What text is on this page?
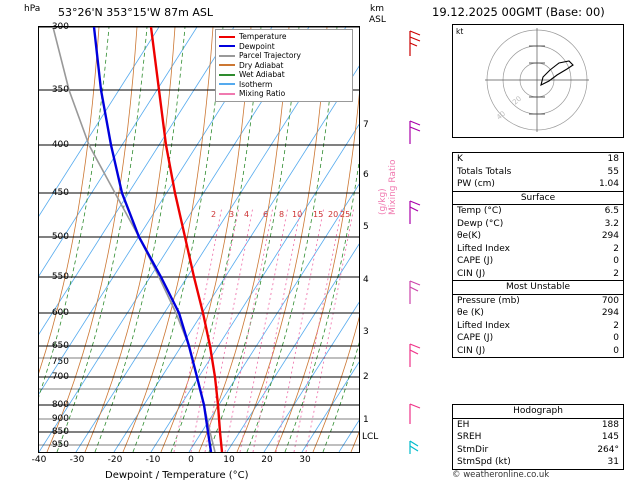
hPa 53°26'N 353°15'W 87m ASL	km
ASL
2 3 4 6 8 10 15 20 25
Temperature
Dewpoint
Parcel Trajectory
Dry Adiabat
Wet Adiabat
Isotherm
Mixing Ratio
300
350
400
450
500
550
600
650
700
800
850
950
750
900
-40	-30	-20	-10	0	10	20	30
Dewpoint / Temperature (°C)
7
6
5
4
3
2
1
LCL
Mixing Ratio
(g/kg)
19.12.2025 00GMT (Base: 00)
kt
20
40
K	18
Totals Totals	55
PW (cm)	1.04
Surface
Temp (°C)	6.5
Dewp (°C)	3.2
θe(K)	294
Lifted Index	2
CAPE (J)	0
CIN (J)	2
Most Unstable
Pressure (mb)	700
θe (K)	294
Lifted Index	2
CAPE (J)	0
CIN (J)	0
Hodograph
EH	188
SREH	145
StmDir	264°
StmSpd (kt)	31
© weatheronline.co.uk
